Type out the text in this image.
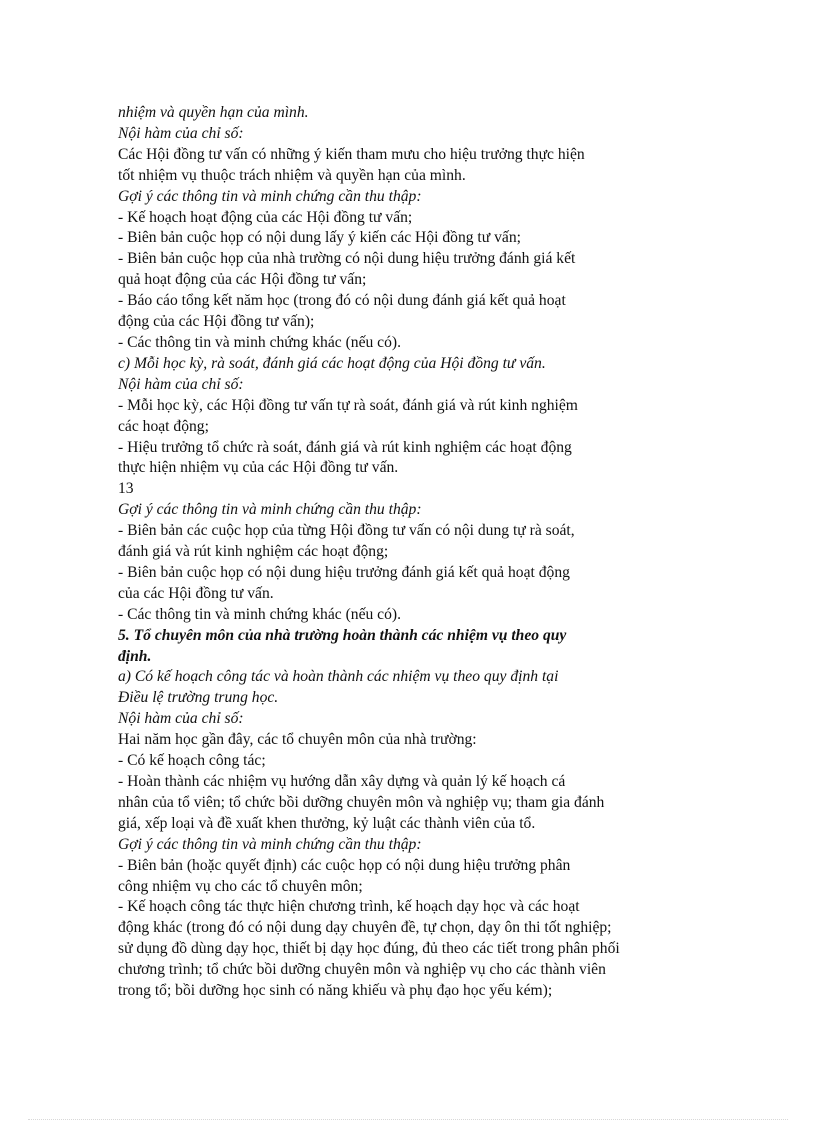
nhiệm và quyền hạn của mình.

Nội hàm của chỉ số:

Các Hội đồng tư vấn có những ý kiến tham mưu cho hiệu trưởng thực hiện

tốt nhiệm vụ thuộc trách nhiệm và quyền hạn của mình.

Gợi ý các thông tin và minh chứng cần thu thập:

- Kế hoạch hoạt động của các Hội đồng tư vấn;

- Biên bản cuộc họp có nội dung lấy ý kiến các Hội đồng tư vấn;

- Biên bản cuộc họp của nhà trường có nội dung hiệu trưởng đánh giá kết

quả hoạt động của các Hội đồng tư vấn;

- Báo cáo tổng kết năm học (trong đó có nội dung đánh giá kết quả hoạt

động của các Hội đồng tư vấn);

- Các thông tin và minh chứng khác (nếu có).

c) Mỗi học kỳ, rà soát, đánh giá các hoạt động của Hội đồng tư vấn.

Nội hàm của chỉ số:

- Mỗi học kỳ, các Hội đồng tư vấn tự rà soát, đánh giá và rút kinh nghiệm

các hoạt động;

- Hiệu trưởng tổ chức rà soát, đánh giá và rút kinh nghiệm các hoạt động

thực hiện nhiệm vụ của các Hội đồng tư vấn.

13

Gợi ý các thông tin và minh chứng cần thu thập:

- Biên bản các cuộc họp của từng Hội đồng tư vấn có nội dung tự rà soát,

đánh giá và rút kinh nghiệm các hoạt động;

- Biên bản cuộc họp có nội dung hiệu trưởng đánh giá kết quả hoạt động

của các Hội đồng tư vấn.

- Các thông tin và minh chứng khác (nếu có).

5. Tổ chuyên môn của nhà trường hoàn thành các nhiệm vụ theo quy

định.

a) Có kế hoạch công tác và hoàn thành các nhiệm vụ theo quy định tại

Điều lệ trường trung học.

Nội hàm của chỉ số:

Hai năm học gần đây, các tổ chuyên môn của nhà trường:

- Có kế hoạch công tác;

- Hoàn thành các nhiệm vụ hướng dẫn xây dựng và quản lý kế hoạch cá

nhân của tổ viên; tổ chức bồi dưỡng chuyên môn và nghiệp vụ; tham gia đánh

giá, xếp loại và đề xuất khen thưởng, kỷ luật các thành viên của tổ.

Gợi ý các thông tin và minh chứng cần thu thập:

- Biên bản (hoặc quyết định) các cuộc họp có nội dung hiệu trưởng phân

công nhiệm vụ cho các tổ chuyên môn;

- Kế hoạch công tác thực hiện chương trình, kế hoạch dạy học và các hoạt

động khác (trong đó có nội dung dạy chuyên đề, tự chọn, dạy ôn thi tốt nghiệp;

sử dụng đồ dùng dạy học, thiết bị dạy học đúng, đủ theo các tiết trong phân phối

chương trình; tổ chức bồi dưỡng chuyên môn và nghiệp vụ cho các thành viên

trong tổ; bồi dưỡng học sinh có năng khiếu và phụ đạo học yếu kém);
